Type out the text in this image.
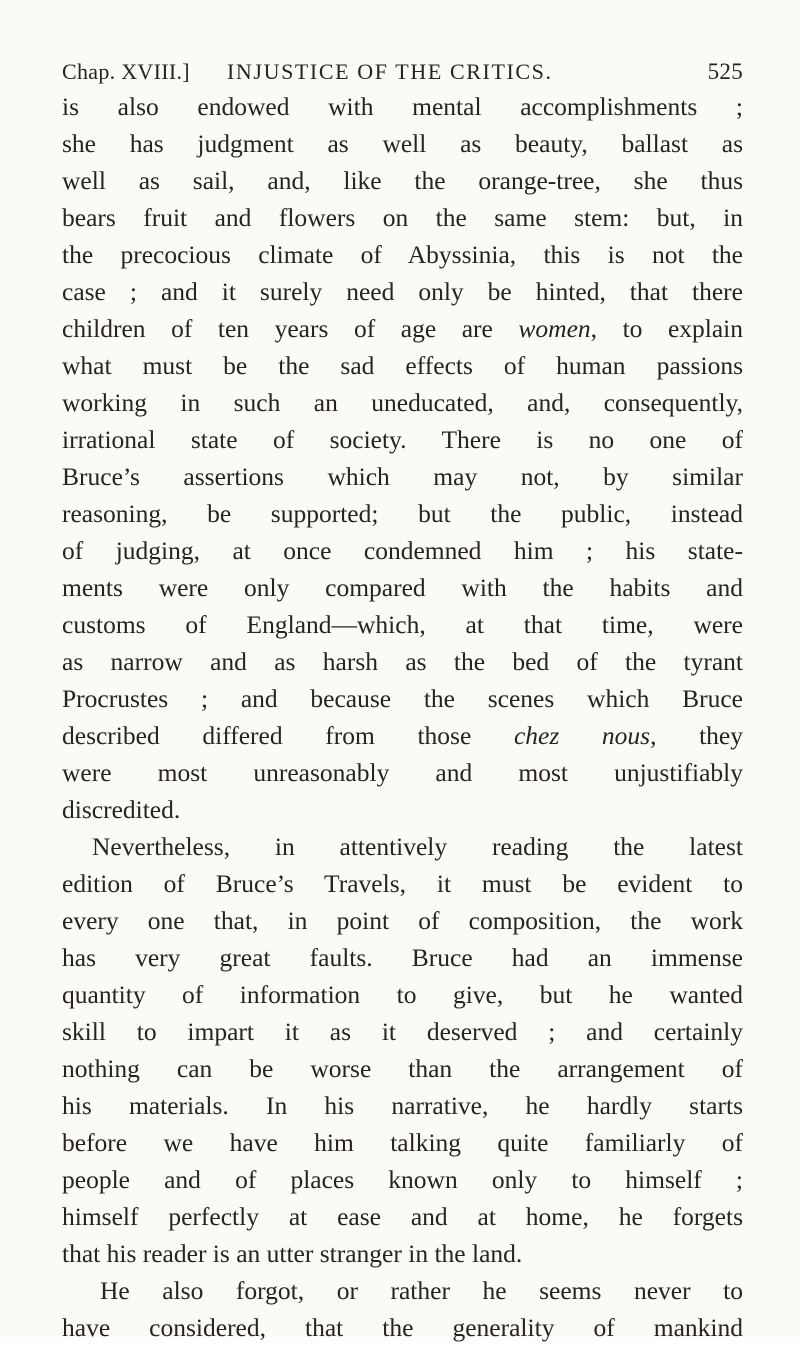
Chap. XVIII.] INJUSTICE OF THE CRITICS.	525
is also endowed with mental accomplishments ;
she has judgment as well as beauty, ballast as
well as sail, and, like the orange-tree, she thus
bears fruit and flowers on the same stem: but, in
the precocious climate of Abyssinia, this is not the
case ; and it surely need only be hinted, that there
children of ten years of age are women, to explain
what must be the sad effects of human passions
working in such an uneducated, and, consequently,
irrational state of society. There is no one of
Bruce’s assertions which may not, by similar
reasoning, be supported; but the public, instead
of judging, at once condemned him ; his state-
ments were only compared with the habits and
customs of England—which, at that time, were
as narrow and as harsh as the bed of the tyrant
Procrustes ; and because the scenes which Bruce
described differed from those chez nous, they
were most unreasonably and most unjustifiably
discredited.
Nevertheless, in attentively reading the latest
edition of Bruce’s Travels, it must be evident to
every one that, in point of composition, the work
has very great faults. Bruce had an immense
quantity of information to give, but he wanted
skill to impart it as it deserved ; and certainly
nothing can be worse than the arrangement of
his materials. In his narrative, he hardly starts
before we have him talking quite familiarly of
people and of places known only to himself ;
himself perfectly at ease and at home, he forgets
that his reader is an utter stranger in the land.
He also forgot, or rather he seems never to
have considered, that the generality of mankind
